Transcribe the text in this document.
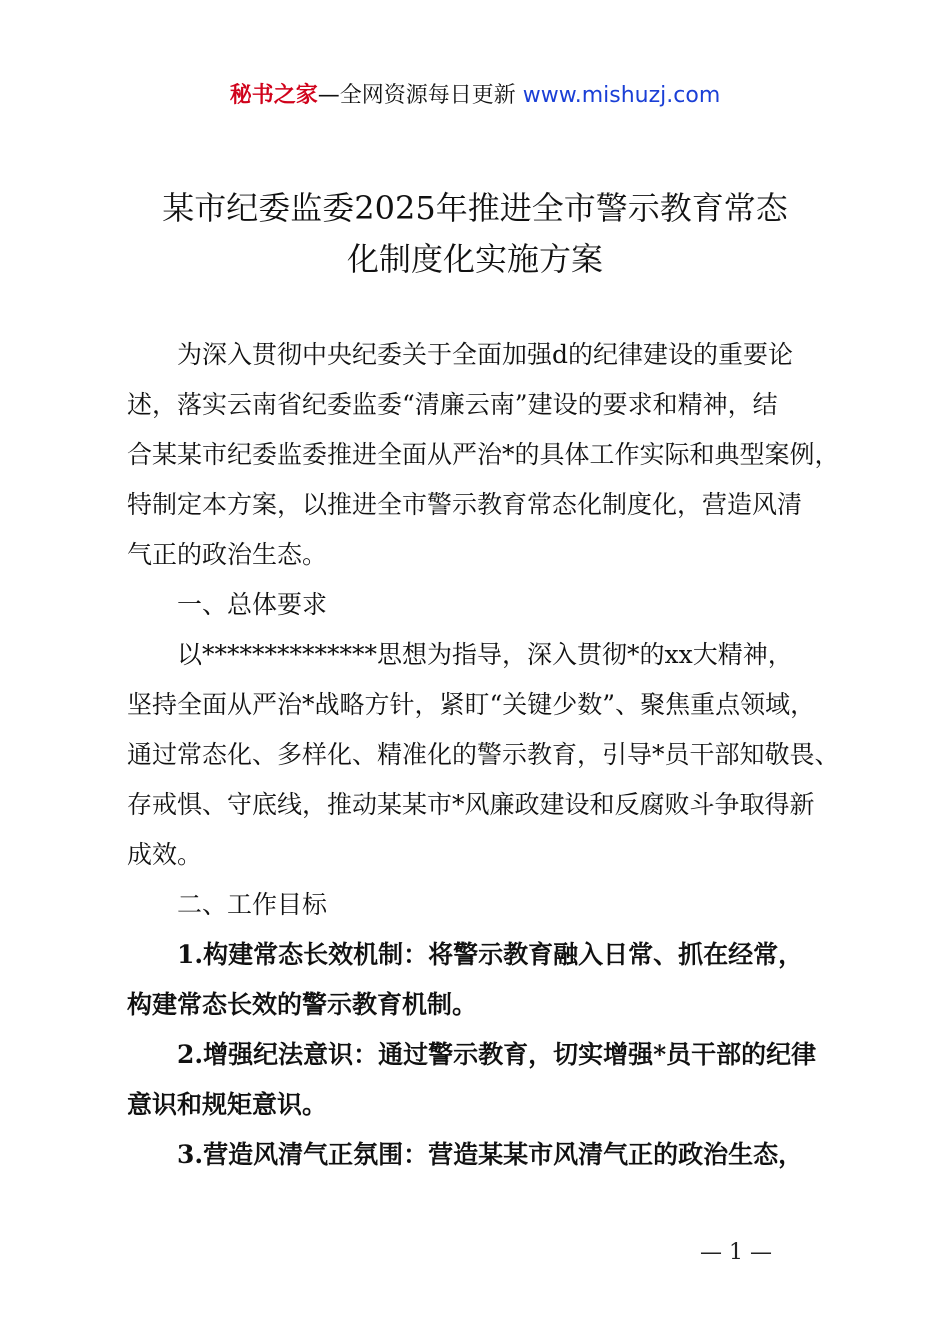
秘书之家—全网资源每日更新 www.mishuzj.com
某市纪委监委2025年推进全市警示教育常态
化制度化实施方案
为深入贯彻中央纪委关于全面加强d的纪律建设的重要论
述，落实云南省纪委监委“清廉云南”建设的要求和精神，结
合某某市纪委监委推进全面从严治*的具体工作实际和典型案例，
特制定本方案，以推进全市警示教育常态化制度化，营造风清
气正的政治生态。
一、总体要求
以**************思想为指导，深入贯彻*的xx大精神，
坚持全面从严治*战略方针，紧盯“关键少数”、聚焦重点领域，
通过常态化、多样化、精准化的警示教育，引导*员干部知敬畏、
存戒惧、守底线，推动某某市*风廉政建设和反腐败斗争取得新
成效。
二、工作目标
1.构建常态长效机制：将警示教育融入日常、抓在经常，
构建常态长效的警示教育机制。
2.增强纪法意识：通过警示教育，切实增强*员干部的纪律
意识和规矩意识。
3.营造风清气正氛围：营造某某市风清气正的政治生态，
— 1 —
